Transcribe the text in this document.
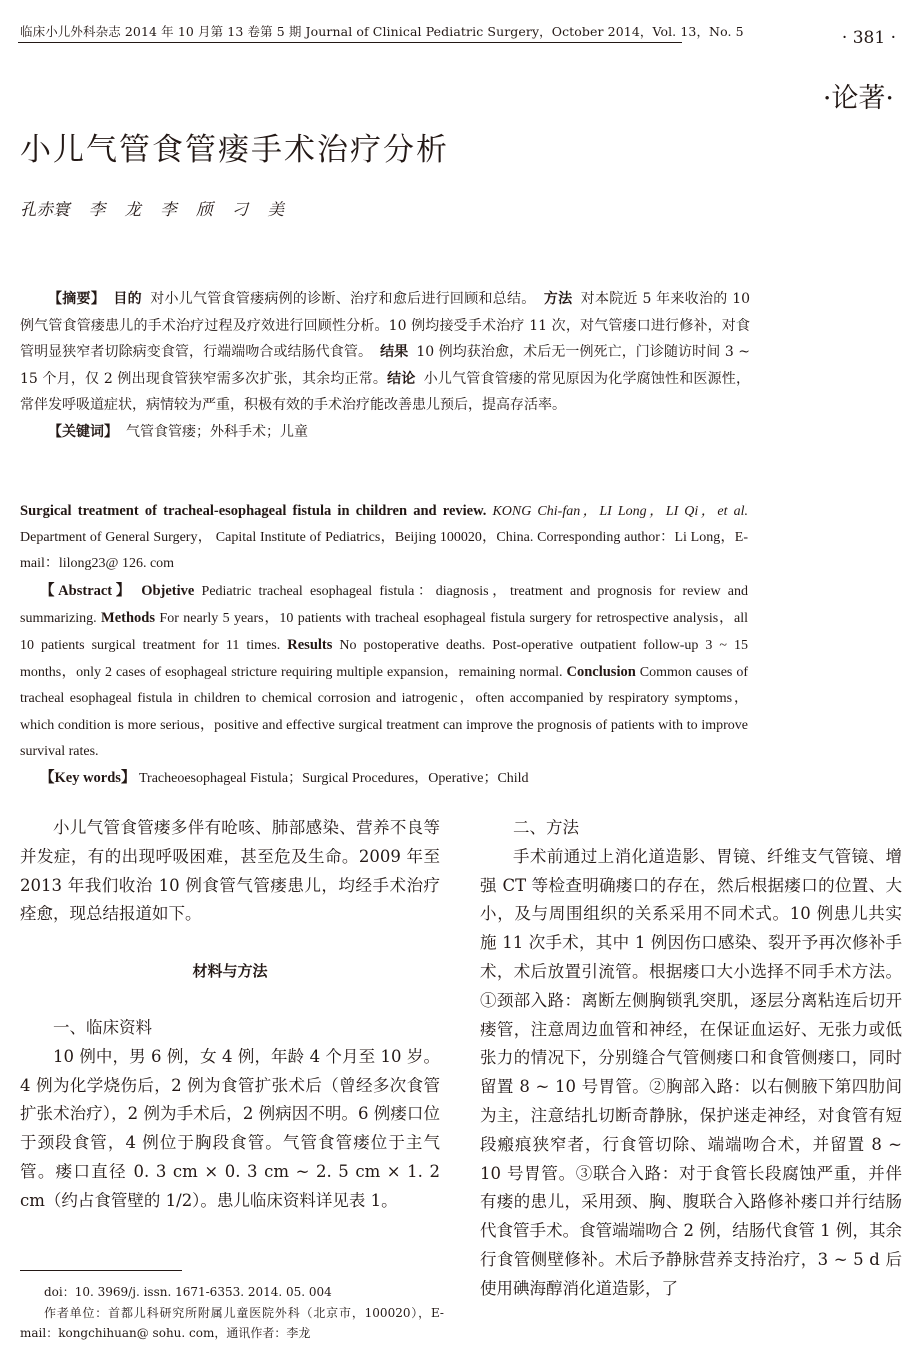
临床小儿外科杂志 2014 年 10 月第 13 卷第 5 期 Journal of Clinical Pediatric Surgery，October 2014，Vol. 13，No. 5	· 381 ·
·论著·
小儿气管食管瘘手术治疗分析
孔赤寰 李 龙 李 颀 刁 美

【摘要】 目的 对小儿气管食管瘘病例的诊断、治疗和愈后进行回顾和总结。 方法 对本院近 5 年来收治的 10 例气管食管瘘患儿的手术治疗过程及疗效进行回顾性分析。10 例均接受手术治疗 11 次，对气管瘘口进行修补，对食管明显狭窄者切除病变食管，行端端吻合或结肠代食管。 结果 10 例均获治愈，术后无一例死亡，门诊随访时间 3 ~ 15 个月，仅 2 例出现食管狭窄需多次扩张，其余均正常。结论 小儿气管食管瘘的常见原因为化学腐蚀性和医源性，常伴发呼吸道症状，病情较为严重，积极有效的手术治疗能改善患儿预后，提高存活率。

【关键词】 气管食管瘘；外科手术；儿童

Surgical treatment of tracheal-esophageal fistula in children and review. KONG Chi-fan，LI Long，LI Qi，et al. Department of General Surgery， Capital Institute of Pediatrics，Beijing 100020，China. Corresponding author：Li Long，E-mail：lilong23@ 126. com

【Abstract】 Objetive Pediatric tracheal esophageal fistula：diagnosis，treatment and prognosis for review and summarizing. Methods For nearly 5 years，10 patients with tracheal esophageal fistula surgery for retrospective analysis，all 10 patients surgical treatment for 11 times. Results No postoperative deaths. Post-operative outpatient follow-up 3 ~ 15 months，only 2 cases of esophageal stricture requiring multiple expansion，remaining normal. Conclusion Common causes of tracheal esophageal fistula in children to chemical corrosion and iatrogenic，often accompanied by respiratory symptoms，which condition is more serious，positive and effective surgical treatment can improve the prognosis of patients with to improve survival rates.

【Key words】 Tracheoesophageal Fistula；Surgical Procedures，Operative；Child

小儿气管食管瘘多伴有呛咳、肺部感染、营养不良等并发症，有的出现呼吸困难，甚至危及生命。2009 年至 2013 年我们收治 10 例食管气管瘘患儿，均经手术治疗痊愈，现总结报道如下。

材料与方法

一、临床资料

10 例中，男 6 例，女 4 例，年龄 4 个月至 10 岁。4 例为化学烧伤后，2 例为食管扩张术后（曾经多次食管扩张术治疗），2 例为手术后，2 例病因不明。6 例瘘口位于颈段食管，4 例位于胸段食管。气管食管瘘位于主气管。瘘口直径 0. 3 cm × 0. 3 cm ~ 2. 5 cm × 1. 2 cm（约占食管壁的 1/2）。患儿临床资料详见表 1。

二、方法

手术前通过上消化道造影、胃镜、纤维支气管镜、增强 CT 等检查明确瘘口的存在，然后根据瘘口的位置、大小，及与周围组织的关系采用不同术式。10 例患儿共实施 11 次手术，其中 1 例因伤口感染、裂开予再次修补手术，术后放置引流管。根据瘘口大小选择不同手术方法。①颈部入路：离断左侧胸锁乳突肌，逐层分离粘连后切开瘘管，注意周边血管和神经，在保证血运好、无张力或低张力的情况下，分别缝合气管侧瘘口和食管侧瘘口，同时留置 8 ~ 10 号胃管。②胸部入路：以右侧腋下第四肋间为主，注意结扎切断奇静脉，保护迷走神经，对食管有短段瘢痕狭窄者，行食管切除、端端吻合术，并留置 8 ~ 10 号胃管。③联合入路：对于食管长段腐蚀严重，并伴有瘘的患儿，采用颈、胸、腹联合入路修补瘘口并行结肠代食管手术。食管端端吻合 2 例，结肠代食管 1 例，其余行食管侧壁修补。术后予静脉营养支持治疗，3 ~ 5 d 后使用碘海醇消化道造影，了

doi：10. 3969/j. issn. 1671-6353. 2014. 05. 004

作者单位：首都儿科研究所附属儿童医院外科（北京市，100020），E-mail：kongchihuan@ sohu. com，通讯作者：李龙
